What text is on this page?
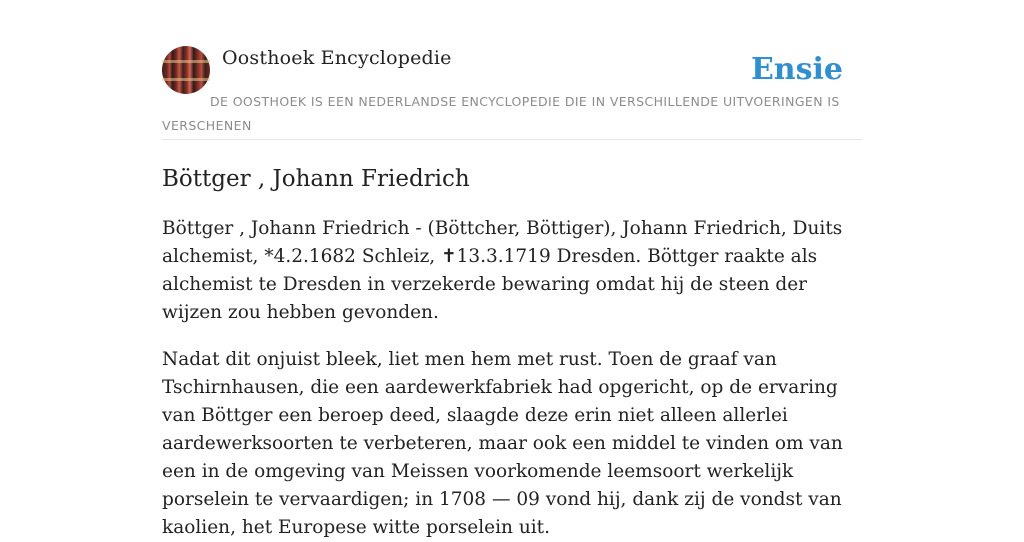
Oosthoek Encyclopedie	Ensie
DE OOSTHOEK IS EEN NEDERLANDSE ENCYCLOPEDIE DIE IN VERSCHILLENDE UITVOERINGEN IS VERSCHENEN
Böttger , Johann Friedrich

Böttger , Johann Friedrich - (Böttcher, Böttiger), Johann Friedrich, Duits alchemist, *4.2.1682 Schleiz, ✝13.3.1719 Dresden. Böttger raakte als alchemist te Dresden in verzekerde bewaring omdat hij de steen der wijzen zou hebben gevonden.

Nadat dit onjuist bleek, liet men hem met rust. Toen de graaf van Tschirnhausen, die een aardewerkfabriek had opgericht, op de ervaring van Böttger een beroep deed, slaagde deze erin niet alleen allerlei aardewerksoorten te verbeteren, maar ook een middel te vinden om van een in de omgeving van Meissen voorkomende leemsoort werkelijk porselein te vervaardigen; in 1708 — 09 vond hij, dank zij de vondst van kaolien, het Europese witte porselein uit.
